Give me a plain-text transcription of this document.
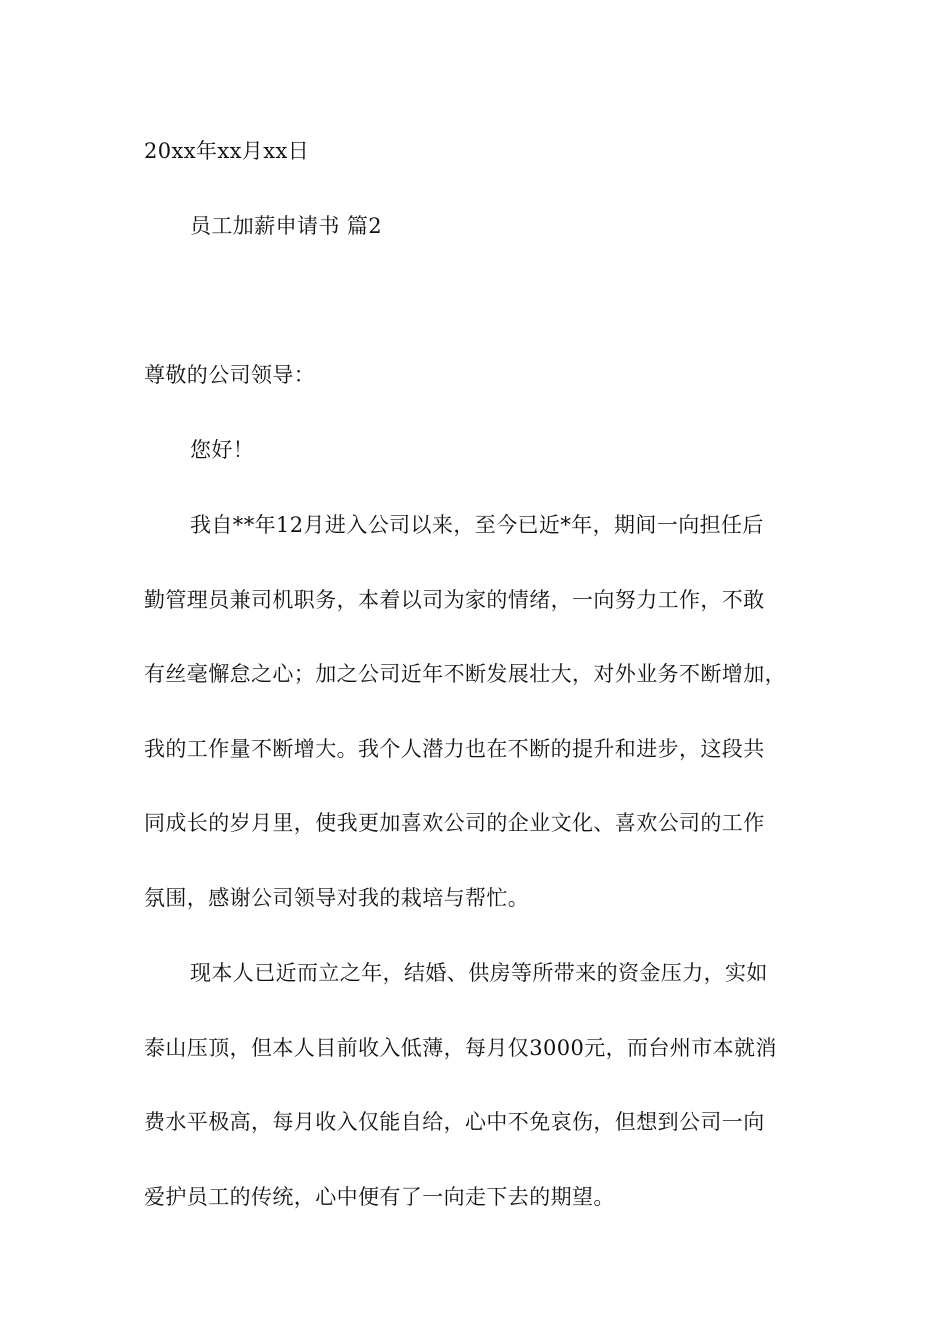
20xx年xx月xx日
员工加薪申请书 篇2
尊敬的公司领导：
您好！
我自**年12月进入公司以来，至今已近*年，期间一向担任后
勤管理员兼司机职务，本着以司为家的情绪，一向努力工作，不敢
有丝毫懈怠之心；加之公司近年不断发展壮大，对外业务不断增加，
我的工作量不断增大。我个人潜力也在不断的提升和进步，这段共
同成长的岁月里，使我更加喜欢公司的企业文化、喜欢公司的工作
氛围，感谢公司领导对我的栽培与帮忙。
现本人已近而立之年，结婚、供房等所带来的资金压力，实如
泰山压顶，但本人目前收入低薄，每月仅3000元，而台州市本就消
费水平极高，每月收入仅能自给，心中不免哀伤，但想到公司一向
爱护员工的传统，心中便有了一向走下去的期望。
